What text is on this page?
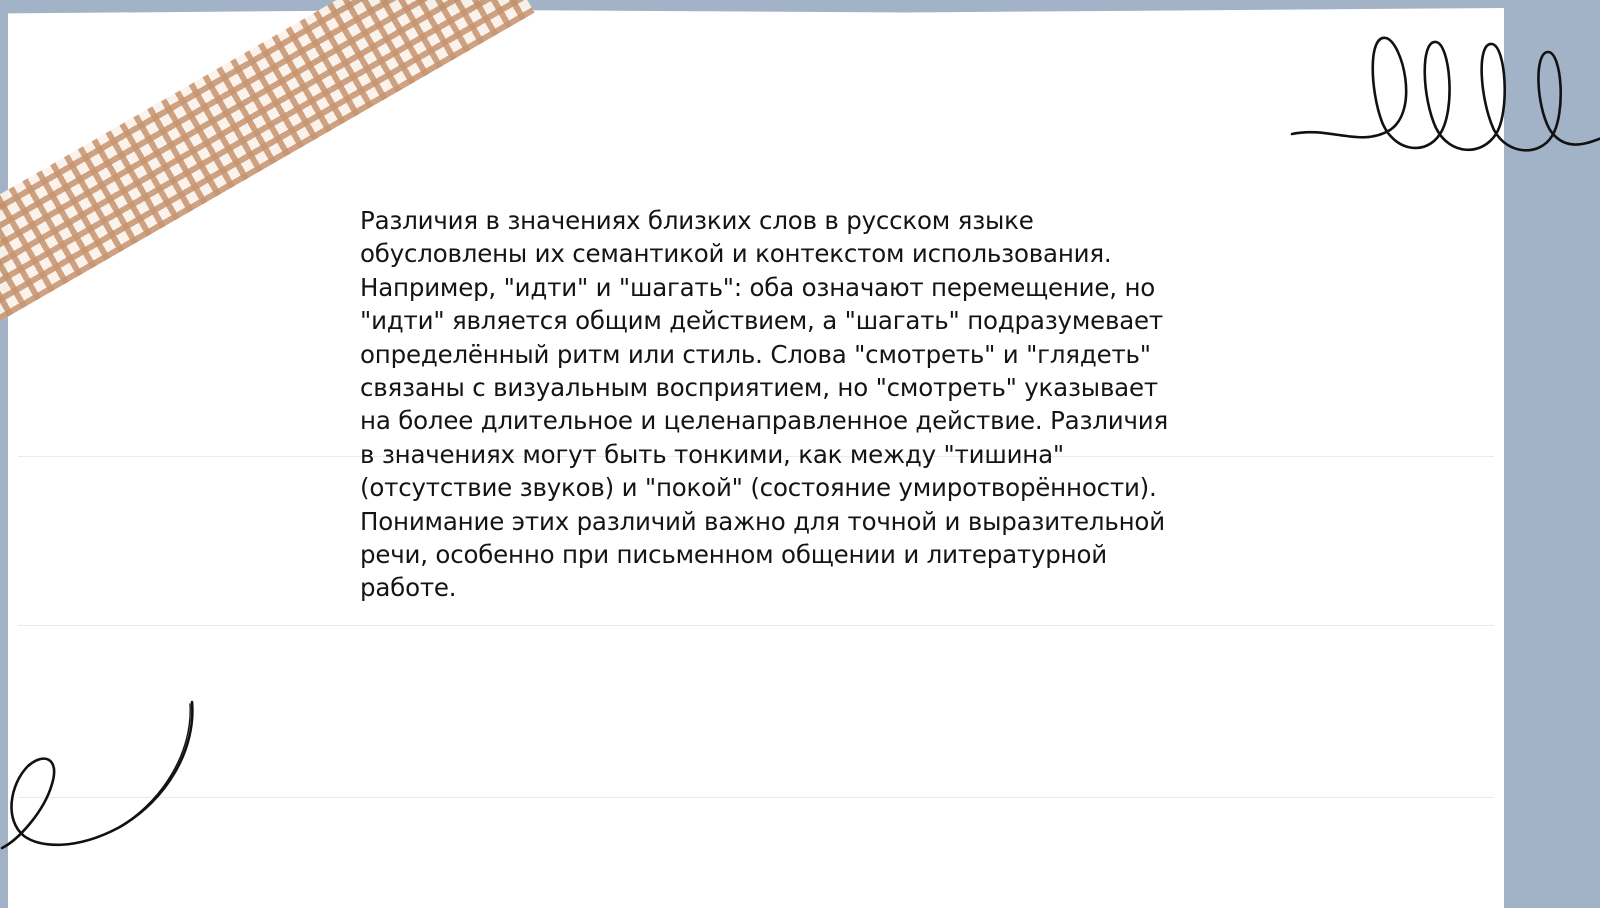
Различия в значениях близких слов в русском языке
обусловлены их семантикой и контекстом использования.
Например, "идти" и "шагать": оба означают перемещение, но
"идти" является общим действием, а "шагать" подразумевает
определённый ритм или стиль. Слова "смотреть" и "глядеть"
связаны с визуальным восприятием, но "смотреть" указывает
на более длительное и целенаправленное действие. Различия
в значениях могут быть тонкими, как между "тишина"
(отсутствие звуков) и "покой" (состояние умиротворённости).
Понимание этих различий важно для точной и выразительной
речи, особенно при письменном общении и литературной
работе.
